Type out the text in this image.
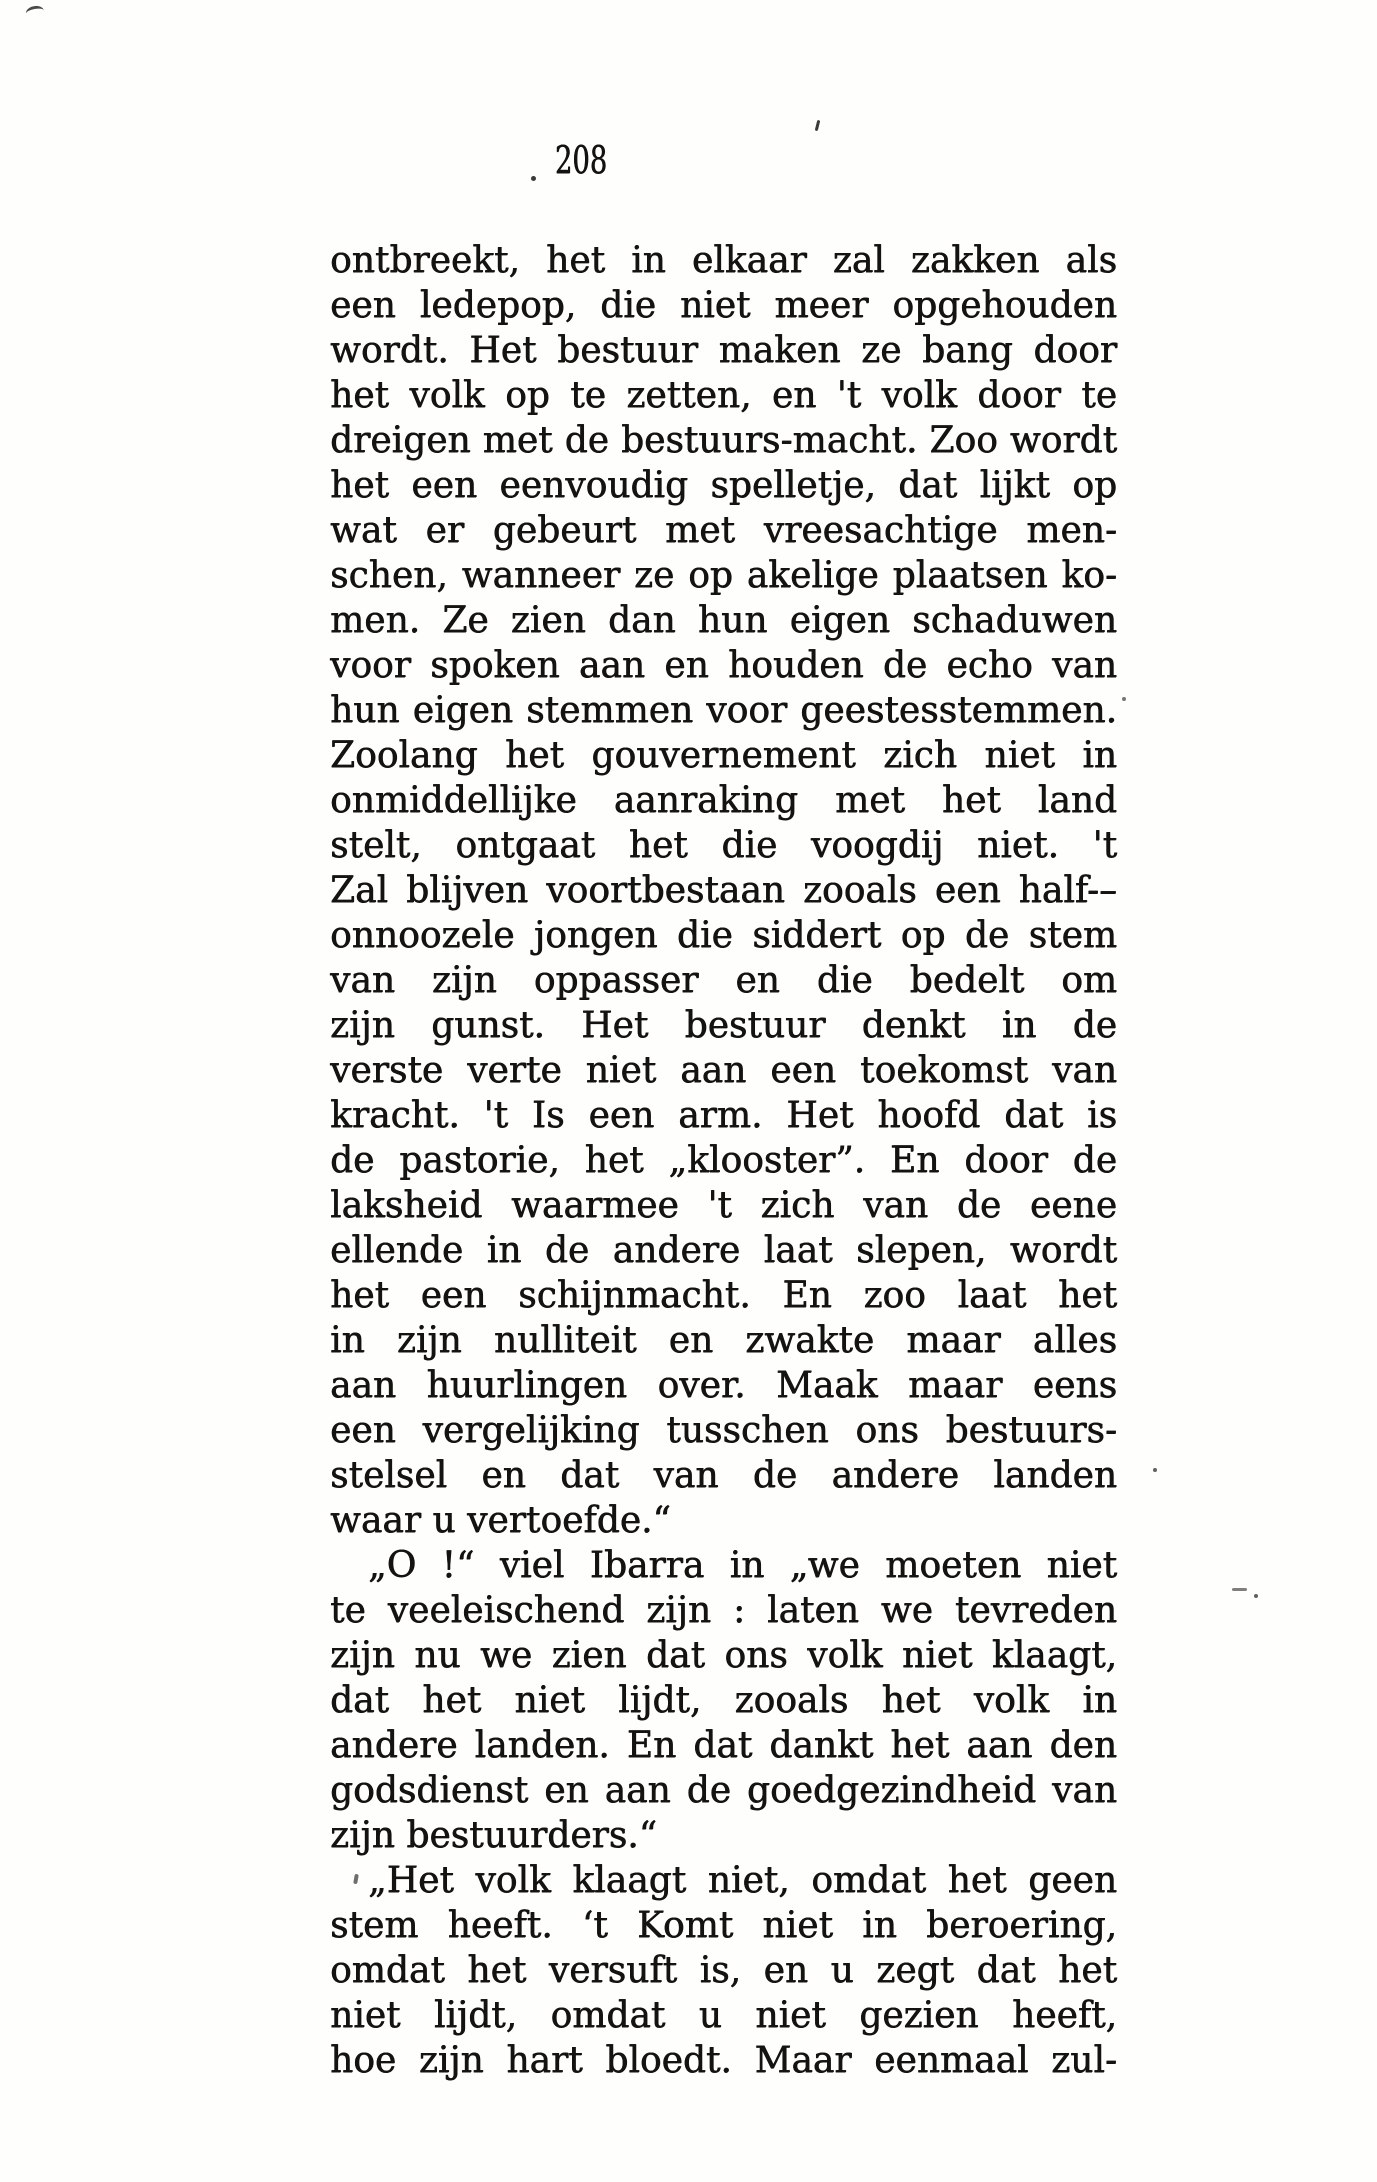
208
ontbreekt, het in elkaar zal zakken als
een ledepop, die niet meer opgehouden
wordt. Het bestuur maken ze bang door
het volk op te zetten, en 't volk door te
dreigen met de bestuurs-macht. Zoo wordt
het een eenvoudig spelletje, dat lijkt op
wat er gebeurt met vreesachtige men-
schen, wanneer ze op akelige plaatsen ko-
men. Ze zien dan hun eigen schaduwen
voor spoken aan en houden de echo van
hun eigen stemmen voor geestesstemmen.
Zoolang het gouvernement zich niet in
onmiddellijke aanraking met het land
stelt, ontgaat het die voogdij niet. 't
Zal blijven voortbestaan zooals een half-–
onnoozele jongen die siddert op de stem
van zijn oppasser en die bedelt om
zijn gunst. Het bestuur denkt in de
verste verte niet aan een toekomst van
kracht. 't Is een arm. Het hoofd dat is
de pastorie, het „klooster”. En door de
laksheid waarmee 't zich van de eene
ellende in de andere laat slepen, wordt
het een schijnmacht. En zoo laat het
in zijn nulliteit en zwakte maar alles
aan huurlingen over. Maak maar eens
een vergelijking tusschen ons bestuurs-
stelsel en dat van de andere landen
waar u vertoefde.“
„O !“ viel Ibarra in „we moeten niet
te veeleischend zijn : laten we tevreden
zijn nu we zien dat ons volk niet klaagt,
dat het niet lijdt, zooals het volk in
andere landen. En dat dankt het aan den
godsdienst en aan de goedgezindheid van
zijn bestuurders.“
„Het volk klaagt niet, omdat het geen
stem heeft. ‘t Komt niet in beroering,
omdat het versuft is, en u zegt dat het
niet lijdt, omdat u niet gezien heeft,
hoe zijn hart bloedt. Maar eenmaal zul-
